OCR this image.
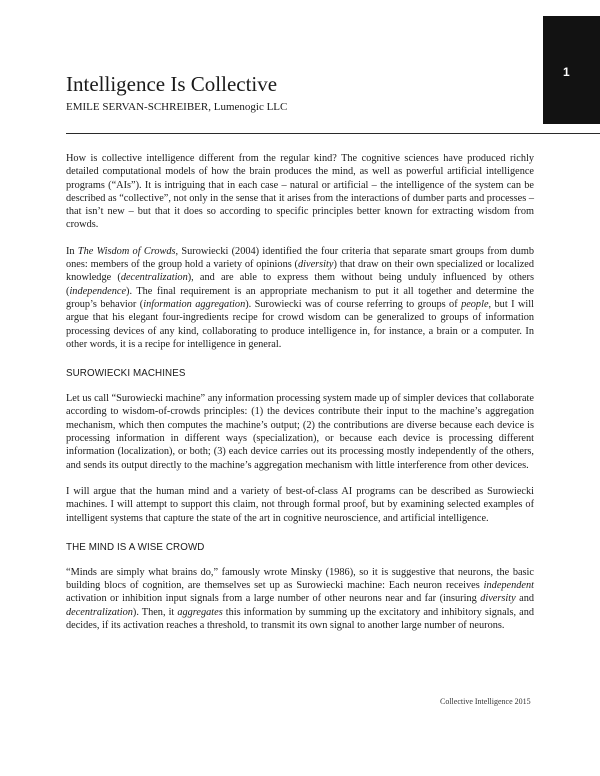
1
Intelligence Is Collective
EMILE SERVAN-SCHREIBER, Lumenogic LLC

How is collective intelligence different from the regular kind? The cognitive sciences have produced richly detailed computational models of how the brain produces the mind, as well as powerful artificial intelligence programs (“AIs”). It is intriguing that in each case – natural or artificial – the intelligence of the system can be described as “collective”, not only in the sense that it arises from the interactions of dumber parts and processes – that isn’t new – but that it does so according to specific principles better known for extracting wisdom from crowds.

In The Wisdom of Crowds, Surowiecki (2004) identified the four criteria that separate smart groups from dumb ones: members of the group hold a variety of opinions (diversity) that draw on their own specialized or localized knowledge (decentralization), and are able to express them without being unduly influenced by others (independence). The final requirement is an appropriate mechanism to put it all together and determine the group’s behavior (information aggregation). Surowiecki was of course referring to groups of people, but I will argue that his elegant four-ingredients recipe for crowd wisdom can be generalized to groups of information processing devices of any kind, collaborating to produce intelligence in, for instance, a brain or a computer. In other words, it is a recipe for intelligence in general.

SUROWIECKI MACHINES

Let us call “Surowiecki machine” any information processing system made up of simpler devices that collaborate according to wisdom-of-crowds principles: (1) the devices contribute their input to the machine’s aggregation mechanism, which then computes the machine’s output; (2) the contributions are diverse because each device is processing information in different ways (specialization), or because each device is processing different information (localization), or both; (3) each device carries out its processing mostly independently of the others, and sends its output directly to the machine’s aggregation mechanism with little interference from other devices.

I will argue that the human mind and a variety of best-of-class AI programs can be described as Surowiecki machines. I will attempt to support this claim, not through formal proof, but by examining selected examples of intelligent systems that capture the state of the art in cognitive neuroscience, and artificial intelligence.

THE MIND IS A WISE CROWD

“Minds are simply what brains do,” famously wrote Minsky (1986), so it is suggestive that neurons, the basic building blocs of cognition, are themselves set up as Surowiecki machine: Each neuron receives independent activation or inhibition input signals from a large number of other neurons near and far (insuring diversity and decentralization). Then, it aggregates this information by summing up the excitatory and inhibitory signals, and decides, if its activation reaches a threshold, to transmit its own signal to another large number of neurons.

Collective Intelligence 2015
